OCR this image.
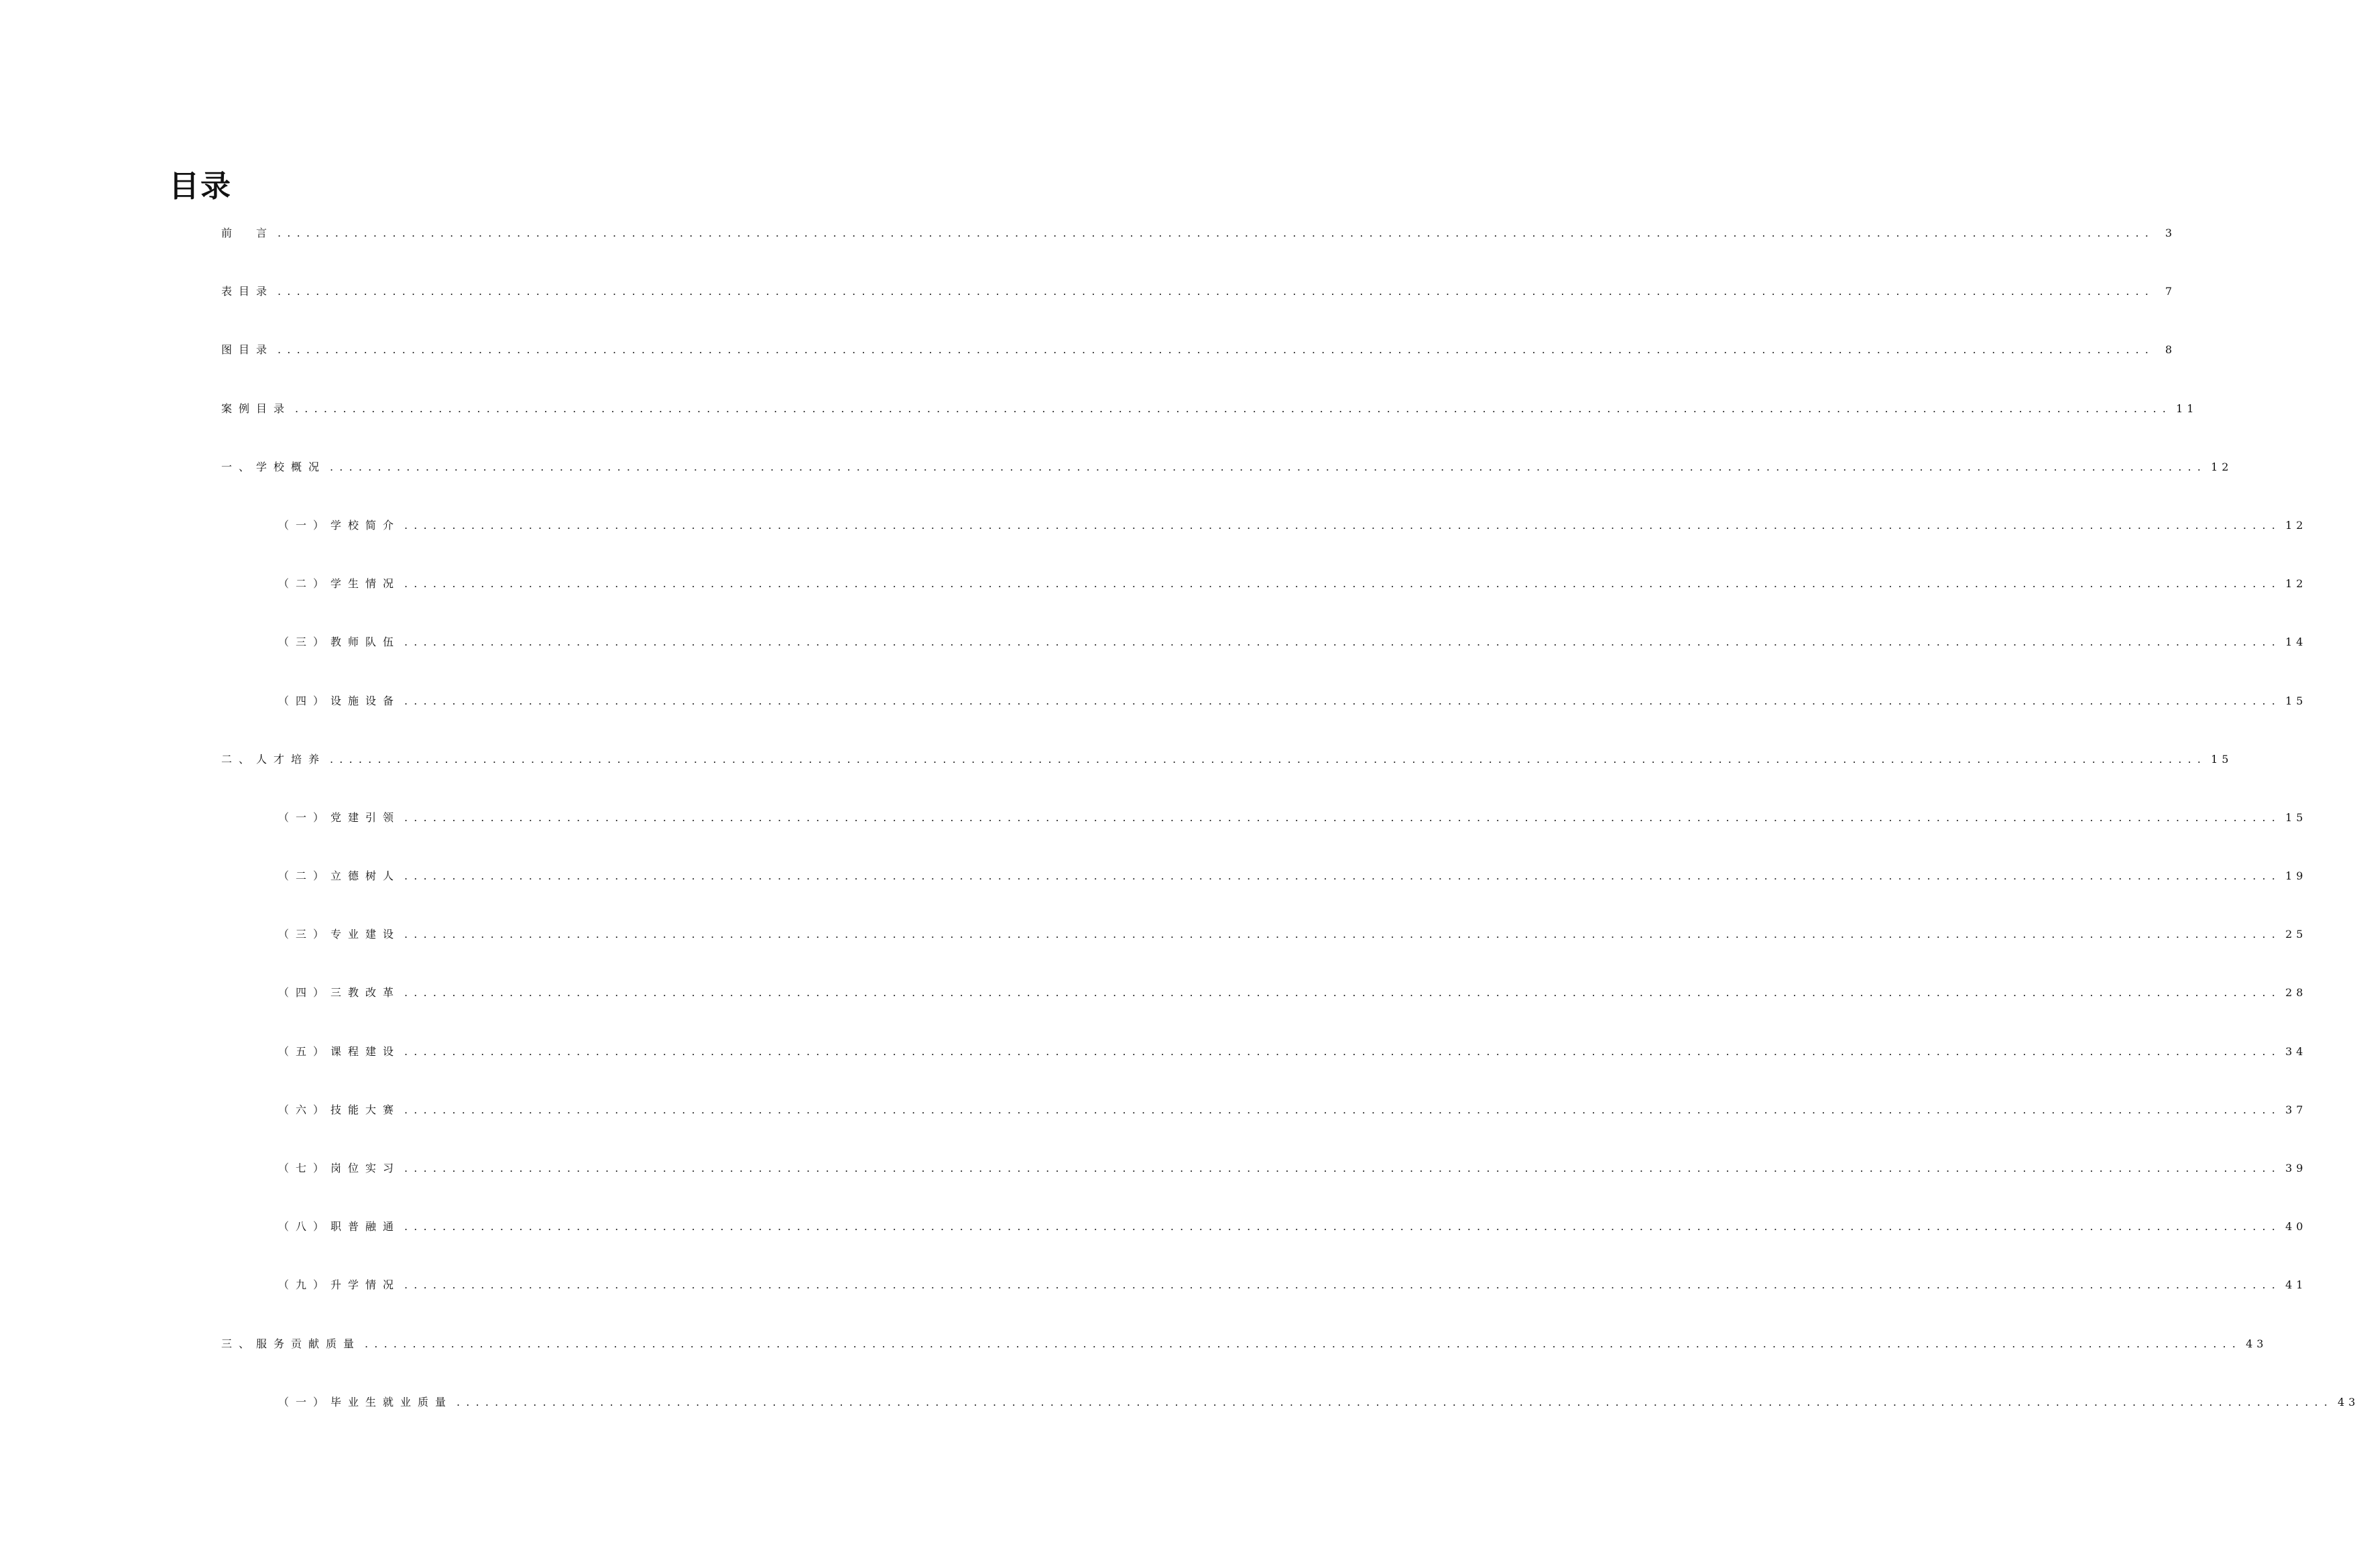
目录
前　言 .................................................................................................................................................................................................... 3
表目录 .................................................................................................................................................................................................... 7
图目录 .................................................................................................................................................................................................... 8
案例目录 .................................................................................................................................................................................................... 11
一、学校概况 .................................................................................................................................................................................................... 12
（一）学校简介 .................................................................................................................................................................................................... 12
（二）学生情况 .................................................................................................................................................................................................... 12
（三）教师队伍 .................................................................................................................................................................................................... 14
（四）设施设备 .................................................................................................................................................................................................... 15
二、人才培养 .................................................................................................................................................................................................... 15
（一）党建引领 .................................................................................................................................................................................................... 15
（二）立德树人 .................................................................................................................................................................................................... 19
（三）专业建设 .................................................................................................................................................................................................... 25
（四）三教改革 .................................................................................................................................................................................................... 28
（五）课程建设 .................................................................................................................................................................................................... 34
（六）技能大赛 .................................................................................................................................................................................................... 37
（七）岗位实习 .................................................................................................................................................................................................... 39
（八）职普融通 .................................................................................................................................................................................................... 40
（九）升学情况 .................................................................................................................................................................................................... 41
三、服务贡献质量 .................................................................................................................................................................................................... 43
（一）毕业生就业质量 .................................................................................................................................................................................................... 43
